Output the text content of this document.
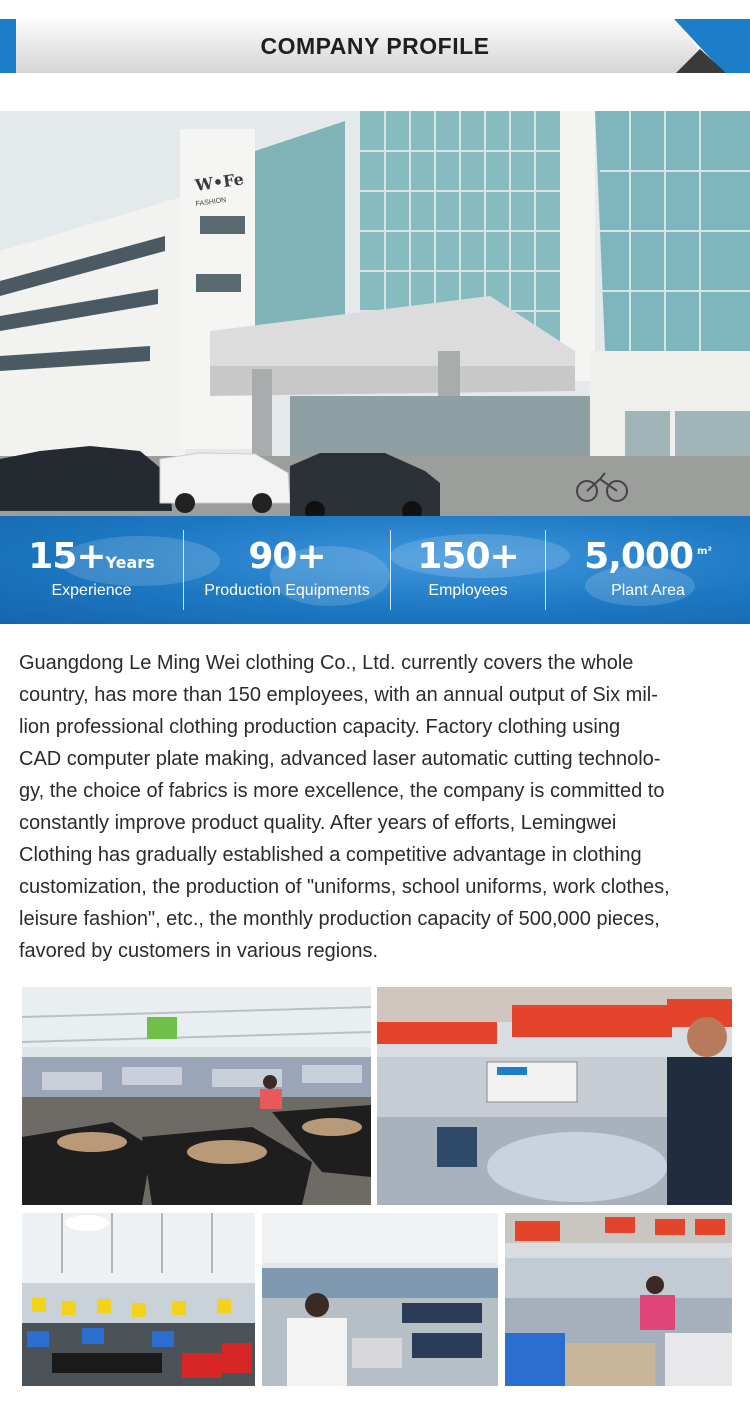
COMPANY PROFILE
W•Fe
FASHION
15+Years
Experience
90+
Production Equipments
150+
Employees
5,000 $^{m^2}$
Plant Area

Guangdong Le Ming Wei clothing Co., Ltd. currently covers the whole
country, has more than 150 employees, with an annual output of Six mil-
lion professional clothing production capacity. Factory clothing using
CAD computer plate making, advanced laser automatic cutting technolo-
gy, the choice of fabrics is more excellence, the company is committed to
constantly improve product quality. After years of efforts, Lemingwei
Clothing has gradually established a competitive advantage in clothing
customization, the production of "uniforms, school uniforms, work clothes,
leisure fashion", etc., the monthly production capacity of 500,000 pieces,
favored by customers in various regions.
